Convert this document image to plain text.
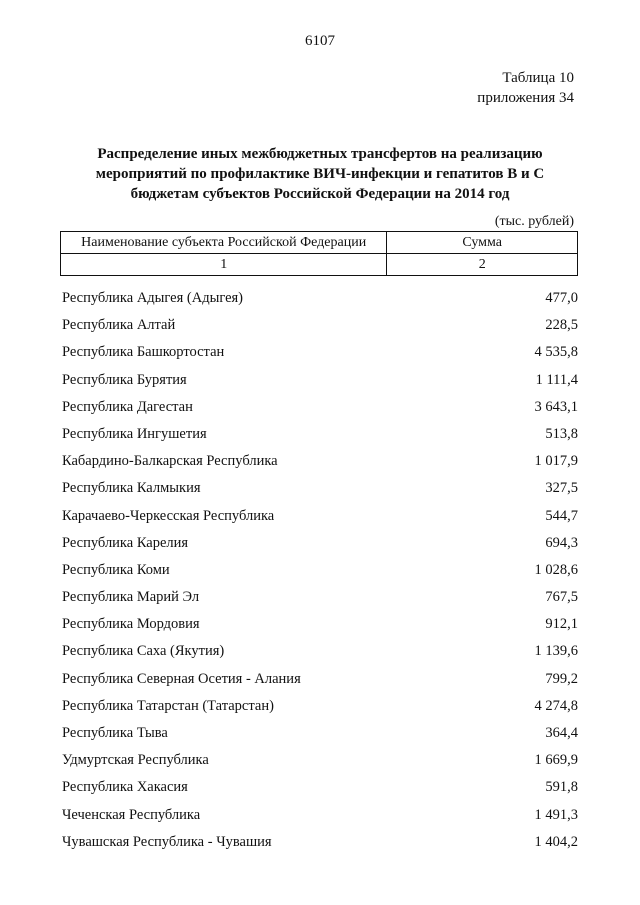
6107
Таблица 10
приложения 34
Распределение иных межбюджетных трансфертов на реализацию
мероприятий по профилактике ВИЧ-инфекции и гепатитов В и С
бюджетам субъектов Российской Федерации на 2014 год
(тыс. рублей)
Наименование субъекта Российской Федерации	Сумма
1	2
Республика Адыгея (Адыгея)	477,0
Республика Алтай	228,5
Республика Башкортостан	4 535,8
Республика Бурятия	1 111,4
Республика Дагестан	3 643,1
Республика Ингушетия	513,8
Кабардино-Балкарская Республика	1 017,9
Республика Калмыкия	327,5
Карачаево-Черкесская Республика	544,7
Республика Карелия	694,3
Республика Коми	1 028,6
Республика Марий Эл	767,5
Республика Мордовия	912,1
Республика Саха (Якутия)	1 139,6
Республика Северная Осетия - Алания	799,2
Республика Татарстан (Татарстан)	4 274,8
Республика Тыва	364,4
Удмуртская Республика	1 669,9
Республика Хакасия	591,8
Чеченская Республика	1 491,3
Чувашская Республика - Чувашия	1 404,2
